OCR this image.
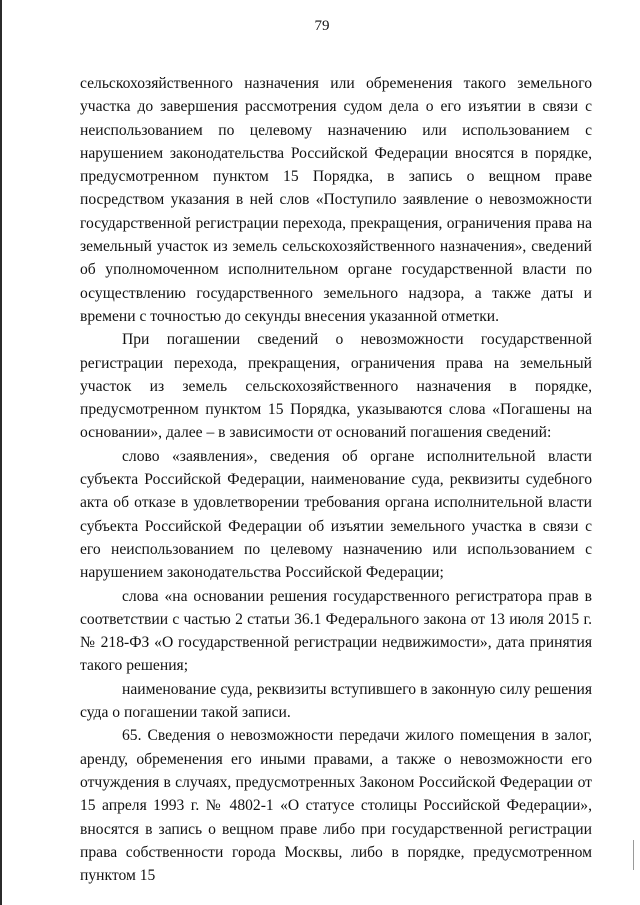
79

сельскохозяйственного назначения или обременения такого земельного участка до завершения рассмотрения судом дела о его изъятии в связи с неиспользованием по целевому назначению или использованием с нарушением законодательства Российской Федерации вносятся в порядке, предусмотренном пунктом 15 Порядка, в запись о вещном праве посредством указания в ней слов «Поступило заявление о невозможности государственной регистрации перехода, прекращения, ограничения права на земельный участок из земель сельскохозяйственного назначения», сведений об уполномоченном исполнительном органе государственной власти по осуществлению государственного земельного надзора, а также даты и времени с точностью до секунды внесения указанной отметки.

При погашении сведений о невозможности государственной регистрации перехода, прекращения, ограничения права на земельный участок из земель сельскохозяйственного назначения в порядке, предусмотренном пунктом 15 Порядка, указываются слова «Погашены на основании», далее – в зависимости от оснований погашения сведений:

слово «заявления», сведения об органе исполнительной власти субъекта Российской Федерации, наименование суда, реквизиты судебного акта об отказе в удовлетворении требования органа исполнительной власти субъекта Российской Федерации об изъятии земельного участка в связи с его неиспользованием по целевому назначению или использованием с нарушением законодательства Российской Федерации;

слова «на основании решения государственного регистратора прав в соответствии с частью 2 статьи 36.1 Федерального закона от 13 июля 2015 г. № 218-ФЗ «О государственной регистрации недвижимости», дата принятия такого решения;

наименование суда, реквизиты вступившего в законную силу решения суда о погашении такой записи.

65. Сведения о невозможности передачи жилого помещения в залог, аренду, обременения его иными правами, а также о невозможности его отчуждения в случаях, предусмотренных Законом Российской Федерации от 15 апреля 1993 г. № 4802-1 «О статусе столицы Российской Федерации», вносятся в запись о вещном праве либо при государственной регистрации права собственности города Москвы, либо в порядке, предусмотренном пунктом 15
